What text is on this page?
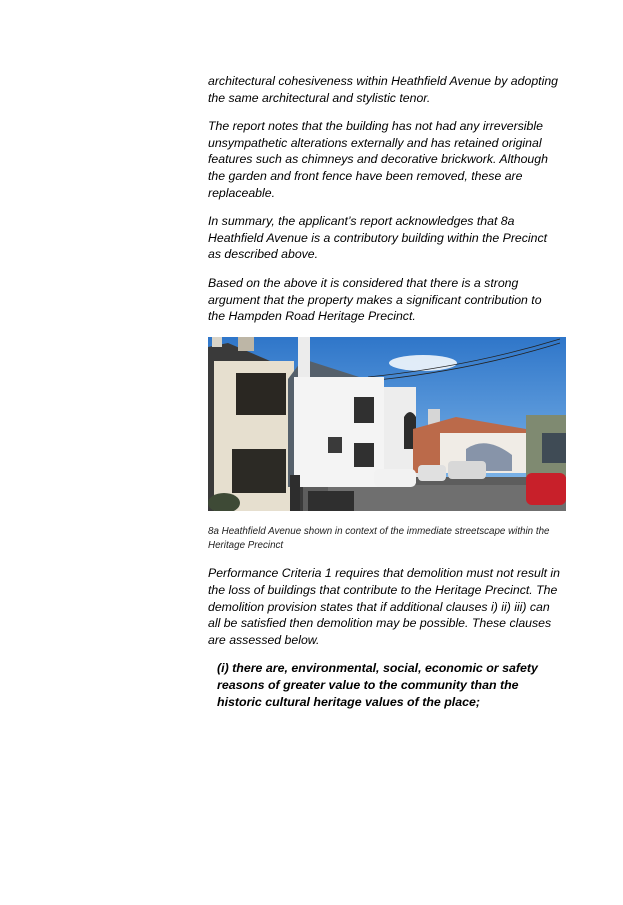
architectural cohesiveness within Heathfield Avenue by adopting the same architectural and stylistic tenor.

The report notes that the building has not had any irreversible unsympathetic alterations externally and has retained original features such as chimneys and decorative brickwork. Although the garden and front fence have been removed, these are replaceable.

In summary, the applicant’s report acknowledges that 8a Heathfield Avenue is a contributory building within the Precinct as described above.

Based on the above it is considered that there is a strong argument that the property makes a significant contribution to the Hampden Road Heritage Precinct.

8a Heathfield Avenue shown in context of the immediate streetscape within the Heritage Precinct

Performance Criteria 1 requires that demolition must not result in the loss of buildings that contribute to the Heritage Precinct. The demolition provision states that if additional clauses i) ii) iii) can all be satisfied then demolition may be possible. These clauses are assessed below.

(i) there are, environmental, social, economic or safety reasons of greater value to the community than the historic cultural heritage values of the place;
